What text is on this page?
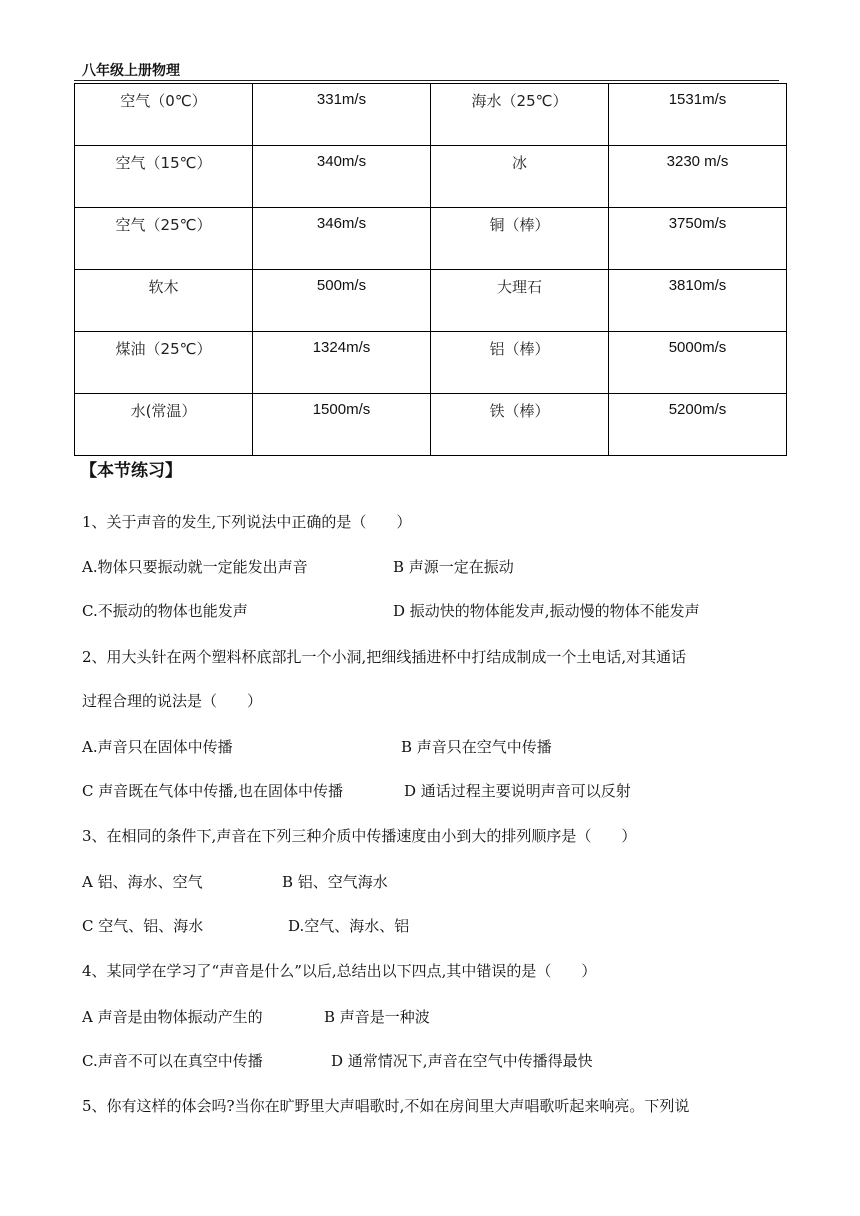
八年级上册物理
空气（0℃）	331m/s	海水（25℃）	1531m/s
空气（15℃）	340m/s	冰	3230 m/s
空气（25℃）	346m/s	铜（棒）	3750m/s
软木	500m/s	大理石	3810m/s
煤油（25℃）	1324m/s	铝（棒）	5000m/s
水(常温）	1500m/s	铁（棒）	5200m/s
【本节练习】
1、关于声音的发生,下列说法中正确的是（　　）
A.物体只要振动就一定能发出声音	B 声源一定在振动
C.不振动的物体也能发声	D 振动快的物体能发声,振动慢的物体不能发声
2、用大头针在两个塑料杯底部扎一个小洞,把细线插进杯中打结成制成一个土电话,对其通话
过程合理的说法是（　　）
A.声音只在固体中传播	B 声音只在空气中传播
C 声音既在气体中传播,也在固体中传播	D 通话过程主要说明声音可以反射
3、在相同的条件下,声音在下列三种介质中传播速度由小到大的排列顺序是（　　）
A 铝、海水、空气	B 铝、空气海水
C 空气、铝、海水	D.空气、海水、铝
4、某同学在学习了“声音是什么”以后,总结出以下四点,其中错误的是（　　）
A 声音是由物体振动产生的	B 声音是一种波
C.声音不可以在真空中传播	D 通常情况下,声音在空气中传播得最快
5、你有这样的体会吗?当你在旷野里大声唱歌时,不如在房间里大声唱歌听起来响亮。下列说
